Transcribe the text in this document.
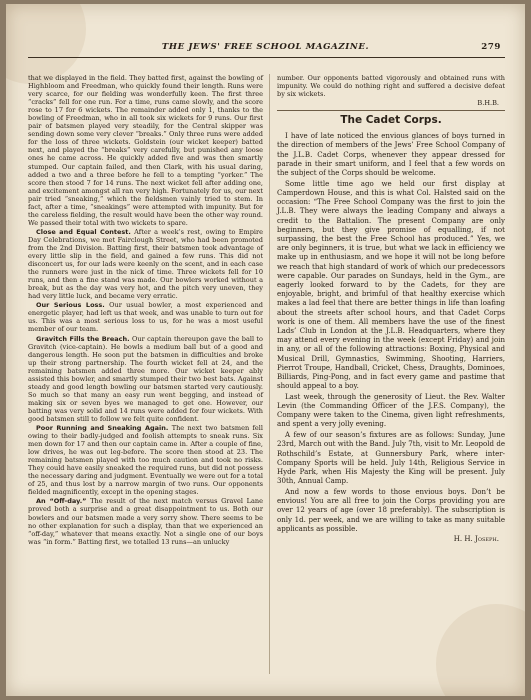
THE JEWS' FREE SCHOOL MAGAZINE.	279

that we displayed in the field. They batted first, against the bowling of Highbloom and Freedman, who quickly found their length. Runs were very scarce, for our fielding was wonderfully keen. The first three “cracks” fell for one run. For a time, runs came slowly, and the score rose to 17 for 6 wickets. The remainder added only 1, thanks to the bowling of Freedman, who in all took six wickets for 9 runs. Our first pair of batsmen played very steadily, for the Central skipper was sending down some very clever “breaks.” Only three runs were added for the loss of three wickets. Goldstein (our wicket keeper) batted next, and played the “breaks” very carefully, but punished any loose ones he came across. He quickly added five and was then smartly stumped. Our captain failed, and then Clark, with his usual daring, added a two and a three before he fell to a tempting “yorker.” The score then stood 7 for 14 runs. The next wicket fell after adding one, and excitement amongst all ran very high. Fortunately for us, our next pair tried “sneaking,” which the fieldsmen vainly tried to stem. In fact, after a time, “sneakings” were attempted with impunity. But for the careless fielding, the result would have been the other way round. We passed their total with two wickets to spare.

Close and Equal Contest. After a week’s rest, owing to Empire Day Celebrations, we met Fairclough Street, who had been promoted from the 2nd Division. Batting first, their batsmen took advantage of every little slip in the field, and gained a few runs. This did not disconcert us, for our lads were keenly on the scent, and in each case the runners were just in the nick of time. Three wickets fell for 10 runs, and then a fine stand was made. Our bowlers worked without a break, but as the day was very hot, and the pitch very uneven, they had very little luck, and became very erratic.

Our Serious Loss. Our usual bowler, a most experienced and energetic player, had left us that week, and was unable to turn out for us. This was a most serious loss to us, for he was a most useful member of our team.

Gravitch Fills the Breach. Our captain thereupon gave the ball to Gravitch (vice-captain). He bowls a medium ball but of a good and dangerous length. He soon put the batsmen in difficulties and broke up their strong partnership. The fourth wicket fell at 24, and the remaining batsmen added three more. Our wicket keeper ably assisted this bowler, and smartly stumped their two best bats. Against steady and good length bowling our batsmen started very cautiously. So much so that many an easy run went begging, and instead of making six or seven byes we managed to get one. However, our batting was very solid and 14 runs were added for four wickets. With good batsmen still to follow we felt quite confident.

Poor Running and Sneaking Again. The next two batsmen fell owing to their badly-judged and foolish attempts to sneak runs. Six men down for 17 and then our captain came in. After a couple of fine, low drives, he was out leg-before. The score then stood at 23. The remaining batsmen played with too much caution and took no risks. They could have easily sneaked the required runs, but did not possess the necessary daring and judgment. Eventually we were out for a total of 25, and thus lost by a narrow margin of two runs. Our opponents fielded magnificently, except in the opening stages.

An “Off-day.” The result of the next match versus Gravel Lane proved both a surprise and a great disappointment to us. Both our bowlers and our batsmen made a very sorry show. There seems to be no other explanation for such a display, than that we experienced an “off-day,” whatever that means exactly. Not a single one of our boys was “in form.” Batting first, we totalled 13 runs—an unlucky

number. Our opponents batted vigorously and obtained runs with impunity. We could do nothing right and suffered a decisive defeat by six wickets.

B.H.B.

The Cadet Corps.

I have of late noticed the envious glances of boys turned in the direction of members of the Jews’ Free School Company of the J.L.B. Cadet Corps, whenever they appear dressed for parade in their smart uniform, and I feel that a few words on the subject of the Corps should be welcome.

Some little time ago we held our first display at Camperdown House, and this is what Col. Halsted said on the occasion: “The Free School Company was the first to join the J.L.B. They were always the leading Company and always a credit to the Battalion. The present Company are only beginners, but they give promise of equalling, if not surpassing, the best the Free School has produced.” Yes, we are only beginners, it is true, but what we lack in efficiency we make up in enthusiasm, and we hope it will not be long before we reach that high standard of work of which our predecessors were capable. Our parades on Sundays, held in the Gym., are eagerly looked forward to by the Cadets, for they are enjoyable, bright, and brimful of that healthy exercise which makes a lad feel that there are better things in life than loafing about the streets after school hours, and that Cadet Corps work is one of them. All members have the use of the finest Lads’ Club in London at the J.L.B. Headquarters, where they may attend every evening in the week (except Friday) and join in any, or all of the following attractions: Boxing, Physical and Musical Drill, Gymnastics, Swimming, Shooting, Harriers, Pierrot Troupe, Handball, Cricket, Chess, Draughts, Dominoes, Billiards, Ping-Pong, and in fact every game and pastime that should appeal to a boy.

Last week, through the generosity of Lieut. the Rev. Walter Levin (the Commanding Officer of the J.F.S. Company), the Company were taken to the Cinema, given light refreshments, and spent a very jolly evening.

A few of our season’s fixtures are as follows: Sunday, June 23rd, March out with the Band. July 7th, visit to Mr. Leopold de Rothschild’s Estate, at Gunnersbury Park, where inter-Company Sports will be held. July 14th, Religious Service in Hyde Park, when His Majesty the King will be present. July 30th, Annual Camp.

And now a few words to those envious boys. Don’t be envious! You are all free to join the Corps providing you are over 12 years of age (over 18 preferably). The subscription is only 1d. per week, and we are willing to take as many suitable applicants as possible.

H. H. Joseph.
